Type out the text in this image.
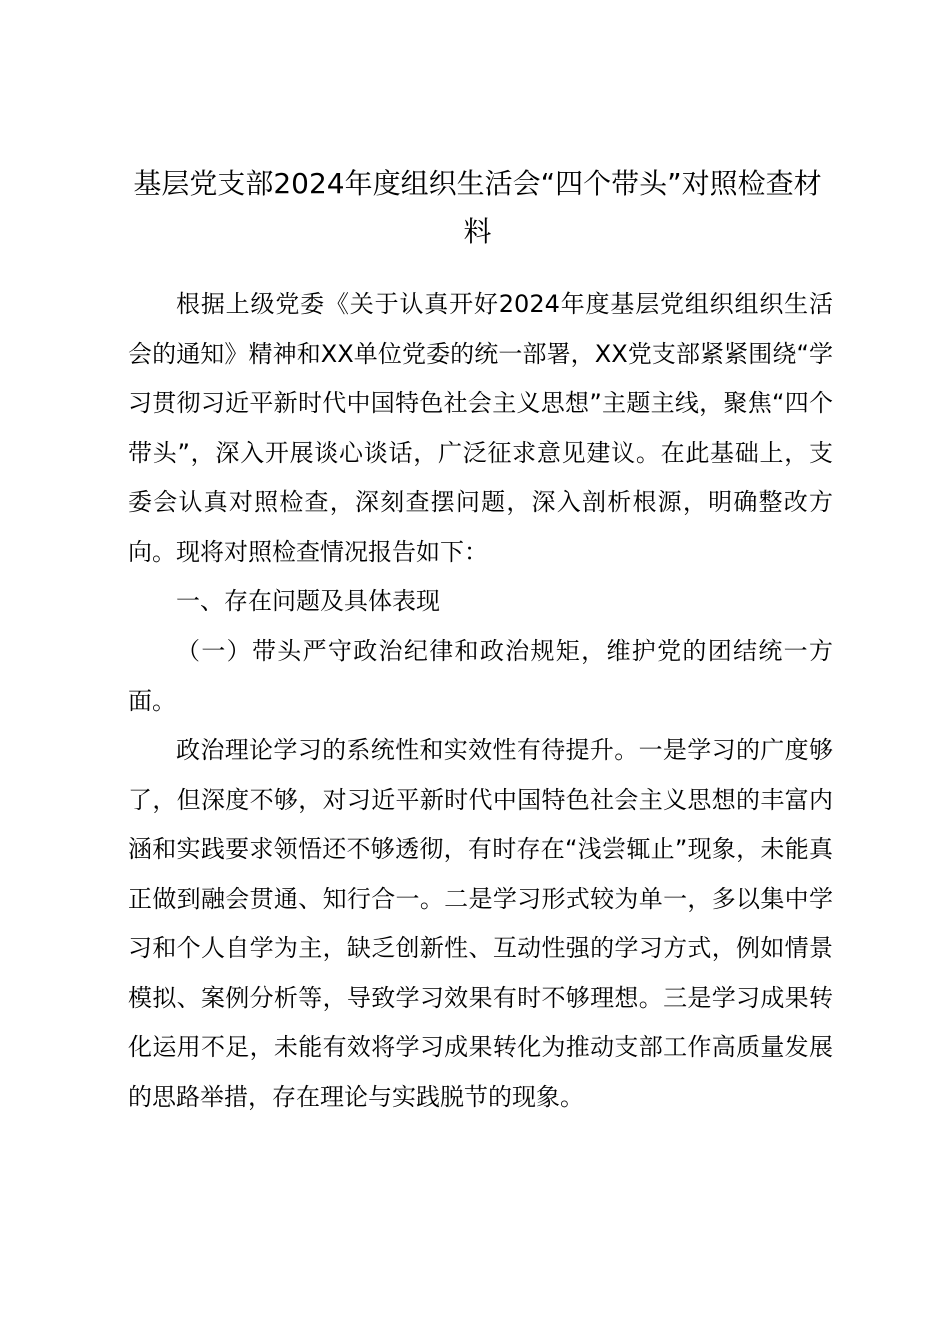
基层党支部2024年度组织生活会“四个带头”对照检查材料

根据上级党委《关于认真开好2024年度基层党组织组织生活会的通知》精神和XX单位党委的统一部署，XX党支部紧紧围绕“学习贯彻习近平新时代中国特色社会主义思想”主题主线，聚焦“四个带头”，深入开展谈心谈话，广泛征求意见建议。在此基础上，支委会认真对照检查，深刻查摆问题，深入剖析根源，明确整改方向。现将对照检查情况报告如下：

一、存在问题及具体表现

（一）带头严守政治纪律和政治规矩，维护党的团结统一方面。

政治理论学习的系统性和实效性有待提升。一是学习的广度够了，但深度不够，对习近平新时代中国特色社会主义思想的丰富内涵和实践要求领悟还不够透彻，有时存在“浅尝辄止”现象，未能真正做到融会贯通、知行合一。二是学习形式较为单一，多以集中学习和个人自学为主，缺乏创新性、互动性强的学习方式，例如情景模拟、案例分析等，导致学习效果有时不够理想。三是学习成果转化运用不足，未能有效将学习成果转化为推动支部工作高质量发展的思路举措，存在理论与实践脱节的现象。
